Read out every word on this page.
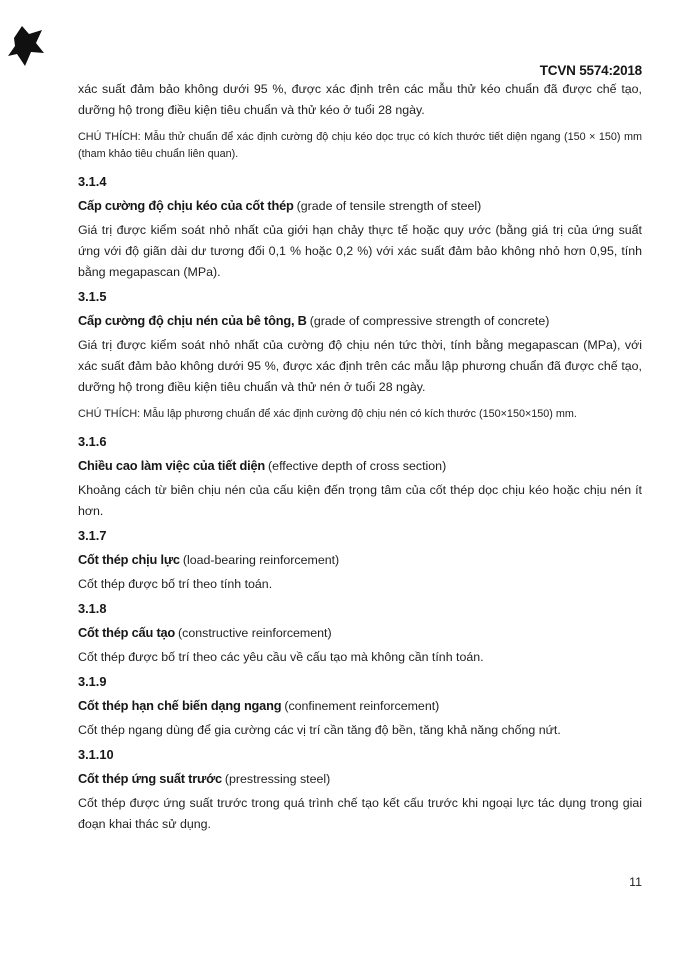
TCVN 5574:2018

xác suất đảm bảo không dưới 95 %, được xác định trên các mẫu thử kéo chuẩn đã được chế tạo, dưỡng hộ trong điều kiện tiêu chuẩn và thử kéo ở tuổi 28 ngày.

CHÚ THÍCH: Mẫu thử chuẩn để xác định cường độ chịu kéo dọc trục có kích thước tiết diện ngang (150 × 150) mm (tham khảo tiêu chuẩn liên quan).

3.1.4

Cấp cường độ chịu kéo của cốt thép (grade of tensile strength of steel)

Giá trị được kiểm soát nhỏ nhất của giới hạn chảy thực tế hoặc quy ước (bằng giá trị của ứng suất ứng với độ giãn dài dư tương đối 0,1 % hoặc 0,2 %) với xác suất đảm bảo không nhỏ hơn 0,95, tính bằng megapascan (MPa).

3.1.5

Cấp cường độ chịu nén của bê tông, B (grade of compressive strength of concrete)

Giá trị được kiểm soát nhỏ nhất của cường độ chịu nén tức thời, tính bằng megapascan (MPa), với xác suất đảm bảo không dưới 95 %, được xác định trên các mẫu lập phương chuẩn đã được chế tạo, dưỡng hộ trong điều kiện tiêu chuẩn và thử nén ở tuổi 28 ngày.

CHÚ THÍCH: Mẫu lập phương chuẩn để xác định cường độ chịu nén có kích thước (150×150×150) mm.

3.1.6

Chiều cao làm việc của tiết diện (effective depth of cross section)

Khoảng cách từ biên chịu nén của cấu kiện đến trọng tâm của cốt thép dọc chịu kéo hoặc chịu nén ít hơn.

3.1.7

Cốt thép chịu lực (load-bearing reinforcement)

Cốt thép được bố trí theo tính toán.

3.1.8

Cốt thép cấu tạo (constructive reinforcement)

Cốt thép được bố trí theo các yêu cầu về cấu tạo mà không cần tính toán.

3.1.9

Cốt thép hạn chế biến dạng ngang (confinement reinforcement)

Cốt thép ngang dùng để gia cường các vị trí cần tăng độ bền, tăng khả năng chống nứt.

3.1.10

Cốt thép ứng suất trước (prestressing steel)

Cốt thép được ứng suất trước trong quá trình chế tạo kết cấu trước khi ngoại lực tác dụng trong giai đoạn khai thác sử dụng.

11
